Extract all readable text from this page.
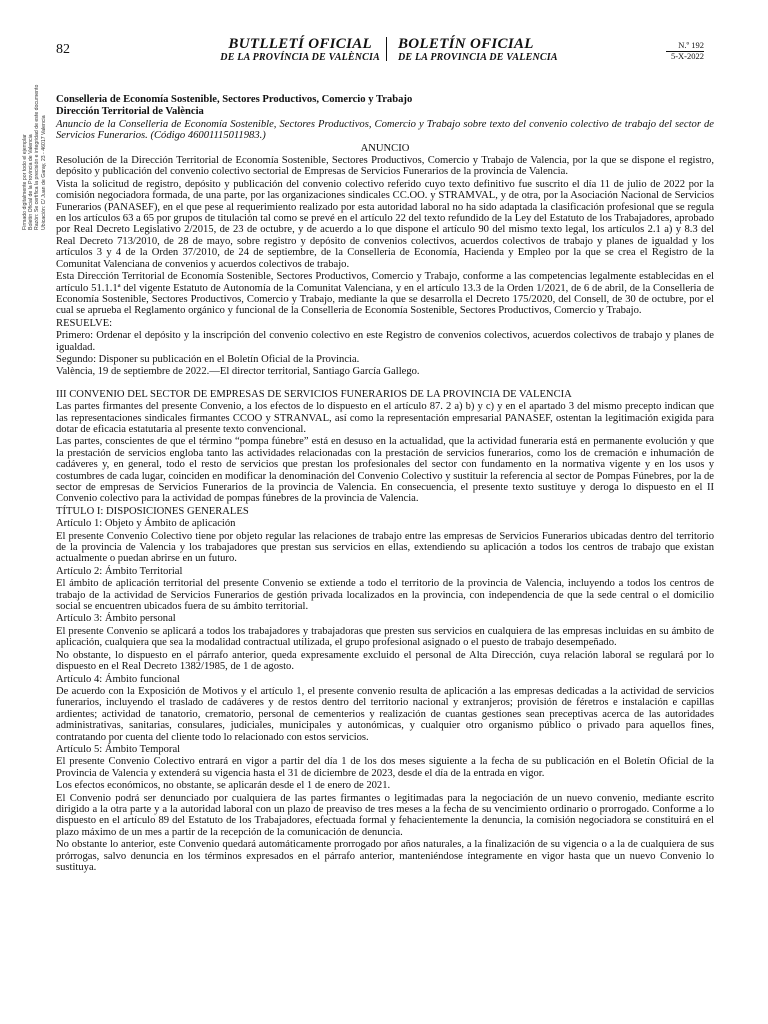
Firmado digitalmente por todo el ejemplar Boletín Oficial de la Provincia de Valencia Razón: Se certifica la precisión e integridad de este documento Ubicación: C/ Juan de Garay, 23 - 46017 Valencia
82	BUTLLETÍ OFICIAL
DE LA PROVÍNCIA DE VALÈNCIA
BOLETÍN OFICIAL
DE LA PROVINCIA DE VALENCIA
N.º 192
5-X-2022

Conselleria de Economía Sostenible, Sectores Productivos, Comercio y Trabajo

Dirección Territorial de València

Anuncio de la Conselleria de Economía Sostenible, Sectores Productivos, Comercio y Trabajo sobre texto del convenio colectivo de trabajo del sector de Servicios Funerarios. (Código 46001115011983.)

ANUNCIO

Resolución de la Dirección Territorial de Economía Sostenible, Sectores Productivos, Comercio y Trabajo de Valencia, por la que se dispone el registro, depósito y publicación del convenio colectivo sectorial de Empresas de Servicios Funerarios de la provincia de Valencia.

Vista la solicitud de registro, depósito y publicación del convenio colectivo referido cuyo texto definitivo fue suscrito el día 11 de julio de 2022 por la comisión negociadora formada, de una parte, por las organizaciones sindicales CC.OO. y STRAMVAL, y de otra, por la Asociación Nacional de Servicios Funerarios (PANASEF), en el que pese al requerimiento realizado por esta autoridad laboral no ha sido adaptada la clasificación profesional que se regula en los artículos 63 a 65 por grupos de titulación tal como se prevé en el artículo 22 del texto refundido de la Ley del Estatuto de los Trabajadores, aprobado por Real Decreto Legislativo 2/2015, de 23 de octubre, y de acuerdo a lo que dispone el artículo 90 del mismo texto legal, los artículos 2.1 a) y 8.3 del Real Decreto 713/2010, de 28 de mayo, sobre registro y depósito de convenios colectivos, acuerdos colectivos de trabajo y planes de igualdad y los artículos 3 y 4 de la Orden 37/2010, de 24 de septiembre, de la Conselleria de Economía, Hacienda y Empleo por la que se crea el Registro de la Comunitat Valenciana de convenios y acuerdos colectivos de trabajo.

Esta Dirección Territorial de Economía Sostenible, Sectores Productivos, Comercio y Trabajo, conforme a las competencias legalmente establecidas en el artículo 51.1.1ª del vigente Estatuto de Autonomía de la Comunitat Valenciana, y en el artículo 13.3 de la Orden 1/2021, de 6 de abril, de la Conselleria de Economía Sostenible, Sectores Productivos, Comercio y Trabajo, mediante la que se desarrolla el Decreto 175/2020, del Consell, de 30 de octubre, por el cual se aprueba el Reglamento orgánico y funcional de la Conselleria de Economía Sostenible, Sectores Productivos, Comercio y Trabajo.

RESUELVE:

Primero: Ordenar el depósito y la inscripción del convenio colectivo en este Registro de convenios colectivos, acuerdos colectivos de trabajo y planes de igualdad.

Segundo: Disponer su publicación en el Boletín Oficial de la Provincia.

València, 19 de septiembre de 2022.—El director territorial, Santiago García Gallego.

III CONVENIO DEL SECTOR DE EMPRESAS DE SERVICIOS FUNERARIOS DE LA PROVINCIA DE VALENCIA

Las partes firmantes del presente Convenio, a los efectos de lo dispuesto en el artículo 87. 2 a) b) y c) y en el apartado 3 del mismo precepto indican que las representaciones sindicales firmantes CCOO y STRANVAL, así como la representación empresarial PANASEF, ostentan la legitimación exigida para dotar de eficacia estatutaria al presente texto convencional.

Las partes, conscientes de que el término “pompa fúnebre” está en desuso en la actualidad, que la actividad funeraria está en permanente evolución y que la prestación de servicios engloba tanto las actividades relacionadas con la prestación de servicios funerarios, como los de cremación e inhumación de cadáveres y, en general, todo el resto de servicios que prestan los profesionales del sector con fundamento en la normativa vigente y en los usos y costumbres de cada lugar, coinciden en modificar la denominación del Convenio Colectivo y sustituir la referencia al sector de Pompas Fúnebres, por la de sector de empresas de Servicios Funerarios de la provincia de Valencia. En consecuencia, el presente texto sustituye y deroga lo dispuesto en el II Convenio colectivo para la actividad de pompas fúnebres de la provincia de Valencia.

TÍTULO I: DISPOSICIONES GENERALES

Artículo 1: Objeto y Ámbito de aplicación

El presente Convenio Colectivo tiene por objeto regular las relaciones de trabajo entre las empresas de Servicios Funerarios ubicadas dentro del territorio de la provincia de Valencia y los trabajadores que prestan sus servicios en ellas, extendiendo su aplicación a todos los centros de trabajo que existan actualmente o puedan abrirse en un futuro.

Artículo 2: Ámbito Territorial

El ámbito de aplicación territorial del presente Convenio se extiende a todo el territorio de la provincia de Valencia, incluyendo a todos los centros de trabajo de la actividad de Servicios Funerarios de gestión privada localizados en la provincia, con independencia de que la sede central o el domicilio social se encuentren ubicados fuera de su ámbito territorial.

Artículo 3: Ámbito personal

El presente Convenio se aplicará a todos los trabajadores y trabajadoras que presten sus servicios en cualquiera de las empresas incluidas en su ámbito de aplicación, cualquiera que sea la modalidad contractual utilizada, el grupo profesional asignado o el puesto de trabajo desempeñado.

No obstante, lo dispuesto en el párrafo anterior, queda expresamente excluido el personal de Alta Dirección, cuya relación laboral se regulará por lo dispuesto en el Real Decreto 1382/1985, de 1 de agosto.

Artículo 4: Ámbito funcional

De acuerdo con la Exposición de Motivos y el artículo 1, el presente convenio resulta de aplicación a las empresas dedicadas a la actividad de servicios funerarios, incluyendo el traslado de cadáveres y de restos dentro del territorio nacional y extranjeros; provisión de féretros e instalación e capillas ardientes; actividad de tanatorio, crematorio, personal de cementerios y realización de cuantas gestiones sean preceptivas acerca de las autoridades administrativas, sanitarias, consulares, judiciales, municipales y autonómicas, y cualquier otro organismo público o privado para aquellos fines, contratando por cuenta del cliente todo lo relacionado con estos servicios.

Artículo 5: Ámbito Temporal

El presente Convenio Colectivo entrará en vigor a partir del día 1 de los dos meses siguiente a la fecha de su publicación en el Boletín Oficial de la Provincia de Valencia y extenderá su vigencia hasta el 31 de diciembre de 2023, desde el día de la entrada en vigor.

Los efectos económicos, no obstante, se aplicarán desde el 1 de enero de 2021.

El Convenio podrá ser denunciado por cualquiera de las partes firmantes o legitimadas para la negociación de un nuevo convenio, mediante escrito dirigido a la otra parte y a la autoridad laboral con un plazo de preaviso de tres meses a la fecha de su vencimiento ordinario o prorrogado. Conforme a lo dispuesto en el artículo 89 del Estatuto de los Trabajadores, efectuada formal y fehacientemente la denuncia, la comisión negociadora se constituirá en el plazo máximo de un mes a partir de la recepción de la comunicación de denuncia.

No obstante lo anterior, este Convenio quedará automáticamente prorrogado por años naturales, a la finalización de su vigencia o a la de cualquiera de sus prórrogas, salvo denuncia en los términos expresados en el párrafo anterior, manteniéndose íntegramente en vigor hasta que un nuevo Convenio lo sustituya.
